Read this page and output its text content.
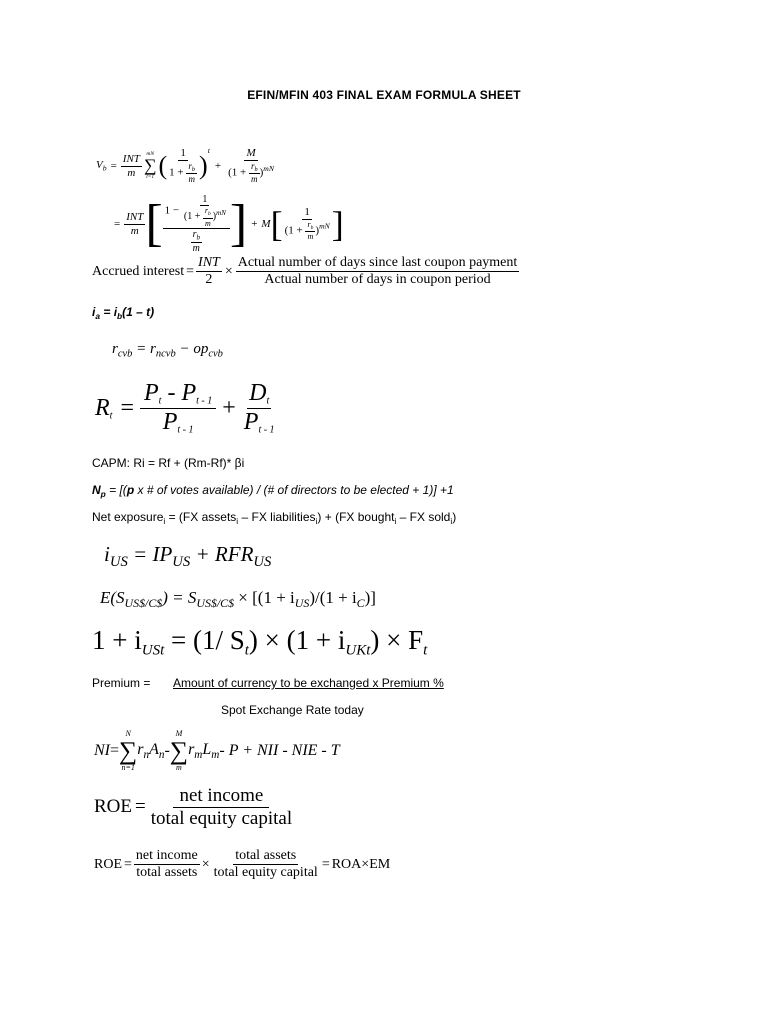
EFIN/MFIN 403 FINAL EXAM FORMULA SHEET
$V_b = \frac{\text{INT}}{m}$ mN
∑
t=1 ( $\frac{1}{1 + \frac{r_b}{m}}$ )
t
+ $\frac{M}{(1 + \frac{r_b}{m} )^{mN}}$
= $\frac{\text{INT}}{m}$ [ $\frac{1 - \frac{1}{(1 + \frac{r_b}{m} )^{mN}}}{\frac{r_b}{m}}$ ] + M [ $\frac{1}{(1 + \frac{r_b}{m} )^{mN}}$ ]
Accrued interest = $\frac{\text{INT}}{2} \times \frac{\text{Actual number of days since last coupon payment}}{\text{Actual number of days in coupon period}}$
$i_a = i_b(1 - t)$
$r_{cvb} = r_{ncvb} - op_{cvb}$
$R_t = \frac{P_t - P_{t - 1}}{P_{t - 1}} + \frac{D_t}{P_{t - 1}}$
CAPM: Ri = Rf + (Rm-Rf)* βi
$N_p = [(p$ x # of votes available) / (# of directors to be elected + 1)] +1
Net exposure$_i$ = (FX assets$_i$ – FX liabilities$_i$) + (FX bought$_i$ – FX sold$_i$)
$i_{US} = IP_{US} + RFR_{US}$
$E(S_{US\$/C\$}) = S_{US\$/C\$} \times [(1 + i_{US})/(1 + i_C)]$
$1 + i_{USt} = (1/$ $S_t) \times (1 + i_{UKt}) \times F_t$
Premium = Amount of currency to be exchanged x Premium %
Spot Exchange Rate today
NI =
N
∑
n=1
$r_nA_n$ -
M
∑
m
$r_mL_m$ - P + NII - NIE - T
ROE = $\frac{\text{net income}}{\text{total equity capital}}$
ROE = $\frac{\text{net income}}{\text{total assets}} \times \frac{\text{total assets}}{\text{total equity capital}}$ = ROA × EM
